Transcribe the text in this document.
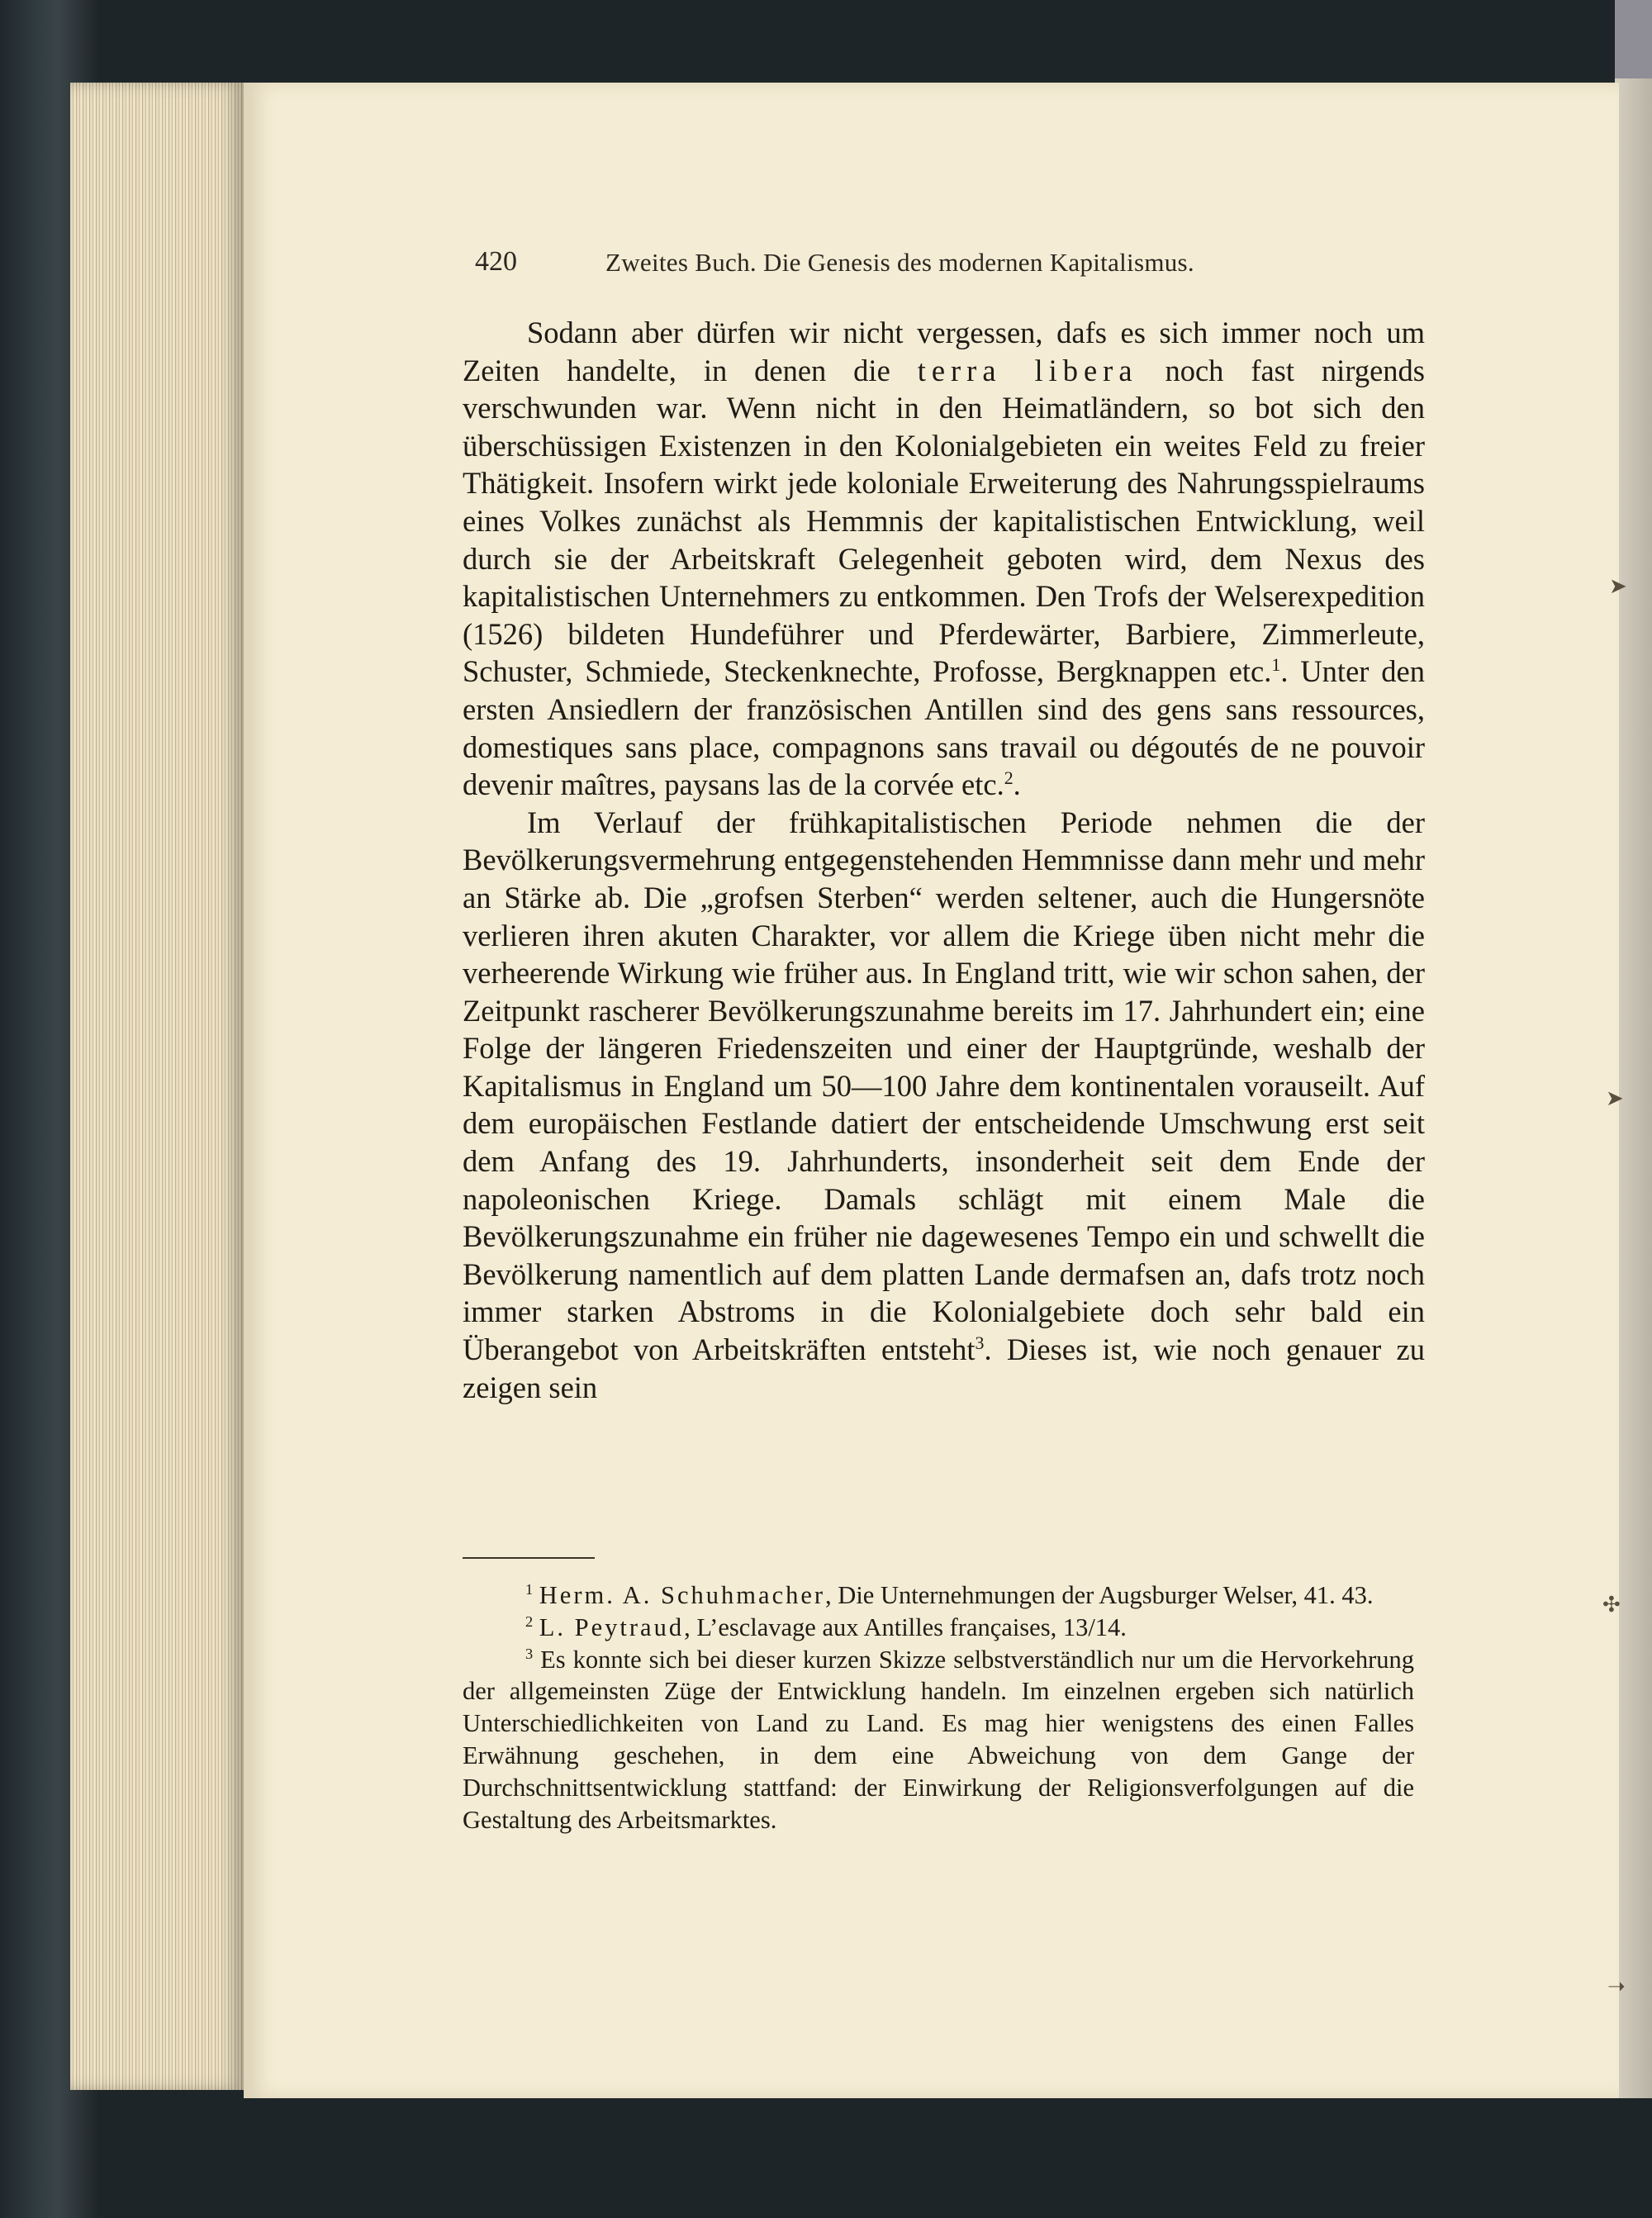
420	Zweites Buch. Die Genesis des modernen Kapitalismus.

Sodann aber dürfen wir nicht vergessen, dafs es sich immer noch um Zeiten handelte, in denen die terra libera noch fast nirgends verschwunden war. Wenn nicht in den Heimatländern, so bot sich den überschüssigen Existenzen in den Kolonialgebieten ein weites Feld zu freier Thätigkeit. Insofern wirkt jede koloniale Erweiterung des Nahrungsspielraums eines Volkes zunächst als Hemmnis der kapitalistischen Entwicklung, weil durch sie der Arbeitskraft Gelegenheit geboten wird, dem Nexus des kapitalistischen Unternehmers zu entkommen. Den Trofs der Welserexpedition (1526) bildeten Hundeführer und Pferdewärter, Barbiere, Zimmerleute, Schuster, Schmiede, Steckenknechte, Profosse, Bergknappen etc.$^1$. Unter den ersten Ansiedlern der französischen Antillen sind des gens sans ressources, domestiques sans place, compagnons sans travail ou dégoutés de ne pouvoir devenir maîtres, paysans las de la corvée etc.$^2$.

Im Verlauf der frühkapitalistischen Periode nehmen die der Bevölkerungsvermehrung entgegenstehenden Hemmnisse dann mehr und mehr an Stärke ab. Die „grofsen Sterben“ werden seltener, auch die Hungersnöte verlieren ihren akuten Charakter, vor allem die Kriege üben nicht mehr die verheerende Wirkung wie früher aus. In England tritt, wie wir schon sahen, der Zeitpunkt rascherer Bevölkerungszunahme bereits im 17. Jahrhundert ein; eine Folge der längeren Friedenszeiten und einer der Hauptgründe, weshalb der Kapitalismus in England um 50—100 Jahre dem kontinentalen vorauseilt. Auf dem europäischen Festlande datiert der entscheidende Umschwung erst seit dem Anfang des 19. Jahrhunderts, insonderheit seit dem Ende der napoleonischen Kriege. Damals schlägt mit einem Male die Bevölkerungszunahme ein früher nie dagewesenes Tempo ein und schwellt die Bevölkerung namentlich auf dem platten Lande dermafsen an, dafs trotz noch immer starken Abstroms in die Kolonialgebiete doch sehr bald ein Überangebot von Arbeitskräften entsteht$^3$. Dieses ist, wie noch genauer zu zeigen sein

$^1$ Herm. A. Schuhmacher, Die Unternehmungen der Augsburger Welser, 41. 43.

$^2$ L. Peytraud, L’esclavage aux Antilles françaises, 13/14.

$^3$ Es konnte sich bei dieser kurzen Skizze selbstverständlich nur um die Hervorkehrung der allgemeinsten Züge der Entwicklung handeln. Im einzelnen ergeben sich natürlich Unterschiedlichkeiten von Land zu Land. Es mag hier wenigstens des einen Falles Erwähnung geschehen, in dem eine Abweichung von dem Gange der Durchschnittsentwicklung stattfand: der Einwirkung der Religionsverfolgungen auf die Gestaltung des Arbeitsmarktes.

➤
➤
✣
➝
